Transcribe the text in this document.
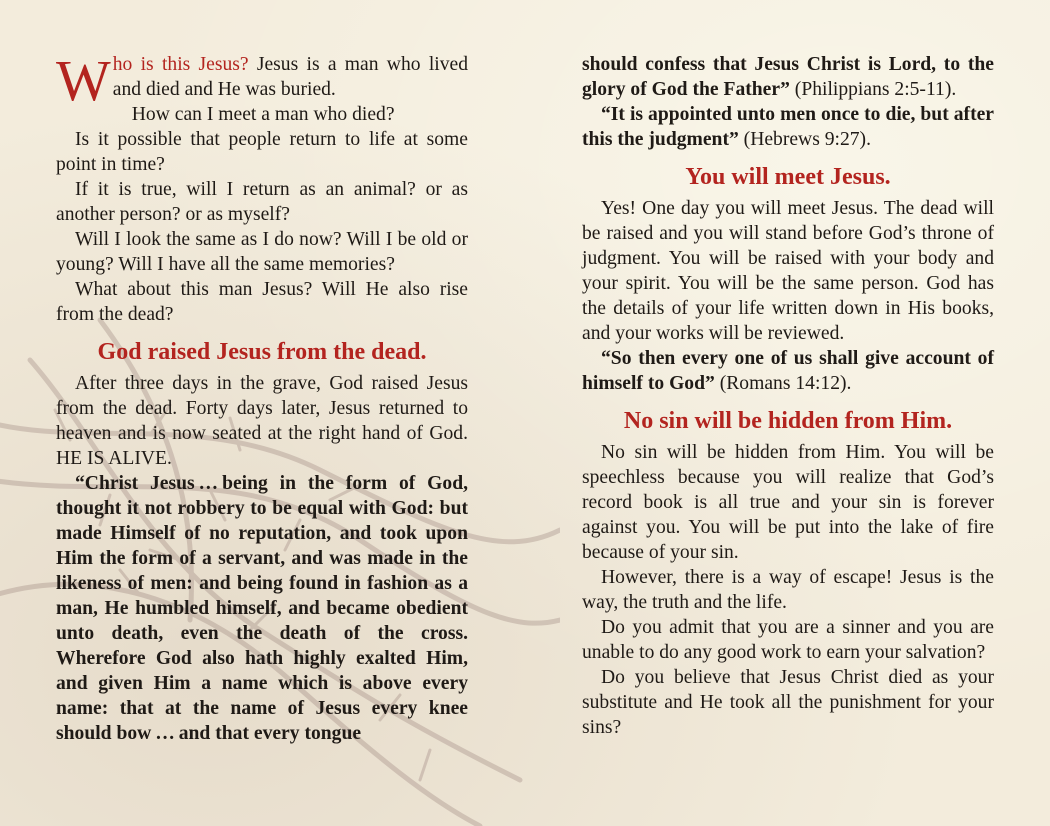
Who is this Jesus? Jesus is a man who lived and died and He was buried.

How can I meet a man who died?

Is it possible that people return to life at some point in time?

If it is true, will I return as an animal? or as another person? or as myself?

Will I look the same as I do now? Will I be old or young? Will I have all the same memories?

What about this man Jesus? Will He also rise from the dead?

God raised Jesus from the dead.

After three days in the grave, God raised Jesus from the dead. Forty days later, Jesus returned to heaven and is now seated at the right hand of God. HE IS ALIVE.

“Christ Jesus … being in the form of God, thought it not robbery to be equal with God: but made Himself of no reputation, and took upon Him the form of a servant, and was made in the likeness of men: and being found in fashion as a man, He humbled himself, and became obedient unto death, even the death of the cross. Wherefore God also hath highly exalted Him, and given Him a name which is above every name: that at the name of Jesus every knee should bow … and that every tongue

should confess that Jesus Christ is Lord, to the glory of God the Father” (Philippians 2:5-11).

“It is appointed unto men once to die, but after this the judgment” (Hebrews 9:27).

You will meet Jesus.

Yes! One day you will meet Jesus. The dead will be raised and you will stand before God’s throne of judgment. You will be raised with your body and your spirit. You will be the same person. God has the details of your life written down in His books, and your works will be reviewed.

“So then every one of us shall give account of himself to God” (Romans 14:12).

No sin will be hidden from Him.

No sin will be hidden from Him. You will be speechless because you will realize that God’s record book is all true and your sin is forever against you. You will be put into the lake of fire because of your sin.

However, there is a way of escape! Jesus is the way, the truth and the life.

Do you admit that you are a sinner and you are unable to do any good work to earn your salvation?

Do you believe that Jesus Christ died as your substitute and He took all the punishment for your sins?
